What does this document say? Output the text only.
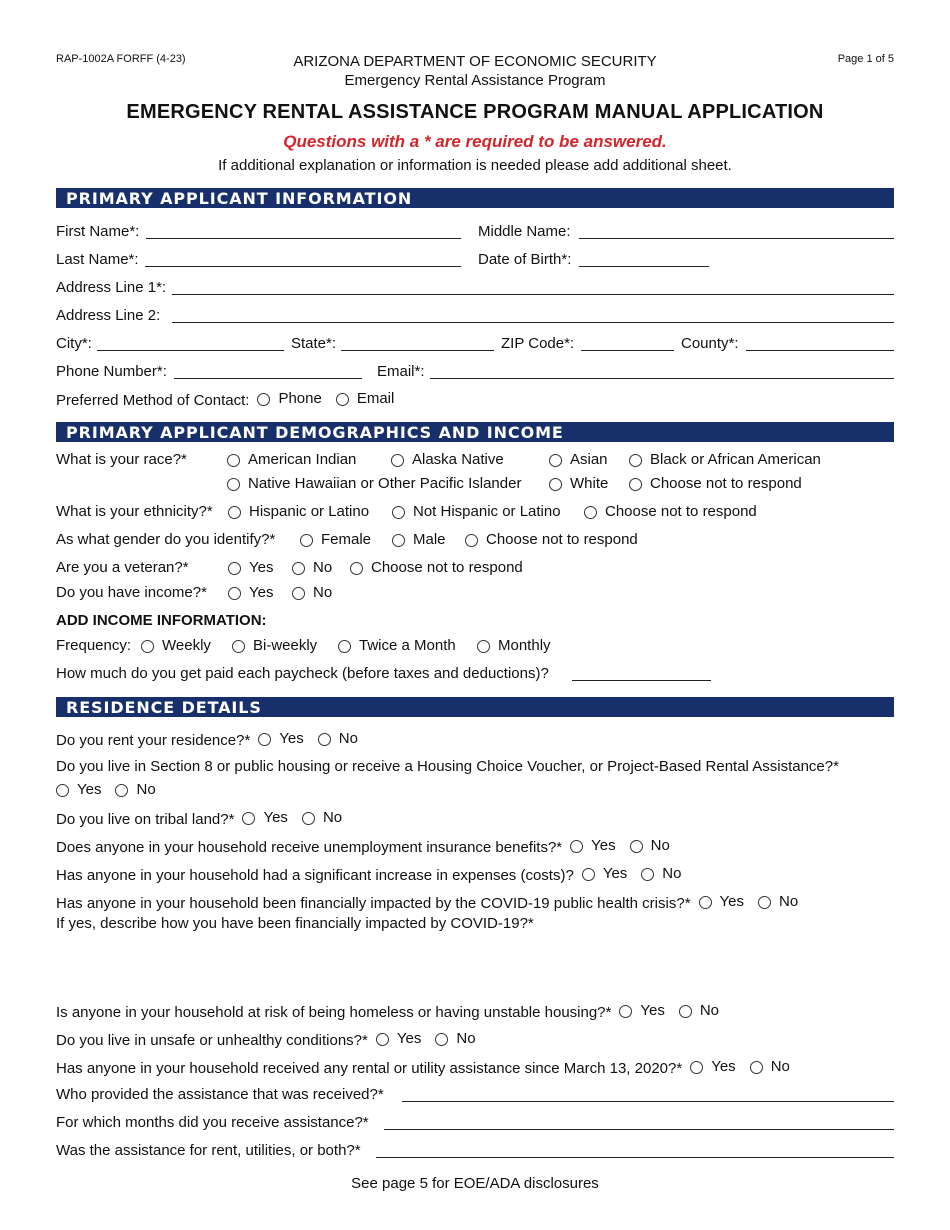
RAP-1002A FORFF (4-23)	Page 1 of 5
ARIZONA DEPARTMENT OF ECONOMIC SECURITY
Emergency Rental Assistance Program
EMERGENCY RENTAL ASSISTANCE PROGRAM MANUAL APPLICATION
Questions with a * are required to be answered.
If additional explanation or information is needed please add additional sheet.
PRIMARY APPLICANT INFORMATION
First Name*:	Middle Name:
Last Name*:	Date of Birth*:
Address Line 1*:
Address Line 2:
City*:	State*:	ZIP Code*:	County*:
Phone Number*:	Email*:
Preferred Method of Contact: Phone Email
PRIMARY APPLICANT DEMOGRAPHICS AND INCOME
What is your race?*	American Indian	Alaska Native	Asian	Black or African American
Native Hawaiian or Other Pacific Islander	White	Choose not to respond
What is your ethnicity?* Hispanic or Latino	Not Hispanic or Latino	Choose not to respond
As what gender do you identify?*	Female	Male	Choose not to respond
Are you a veteran?*	Yes	No	Choose not to respond
Do you have income?*	Yes	No
ADD INCOME INFORMATION:
Frequency: Weekly	Bi-weekly	Twice a Month	Monthly
How much do you get paid each paycheck (before taxes and deductions)?
RESIDENCE DETAILS
Do you rent your residence?* Yes No
Do you live in Section 8 or public housing or receive a Housing Choice Voucher, or Project-Based Rental Assistance?*
Yes No
Do you live on tribal land?* Yes No
Does anyone in your household receive unemployment insurance benefits?* Yes No
Has anyone in your household had a significant increase in expenses (costs)? Yes No
Has anyone in your household been financially impacted by the COVID-19 public health crisis?* Yes No
If yes, describe how you have been financially impacted by COVID-19?*
Is anyone in your household at risk of being homeless or having unstable housing?* Yes No
Do you live in unsafe or unhealthy conditions?* Yes No
Has anyone in your household received any rental or utility assistance since March 13, 2020?* Yes No
Who provided the assistance that was received?*
For which months did you receive assistance?*
Was the assistance for rent, utilities, or both?*
See page 5 for EOE/ADA disclosures
